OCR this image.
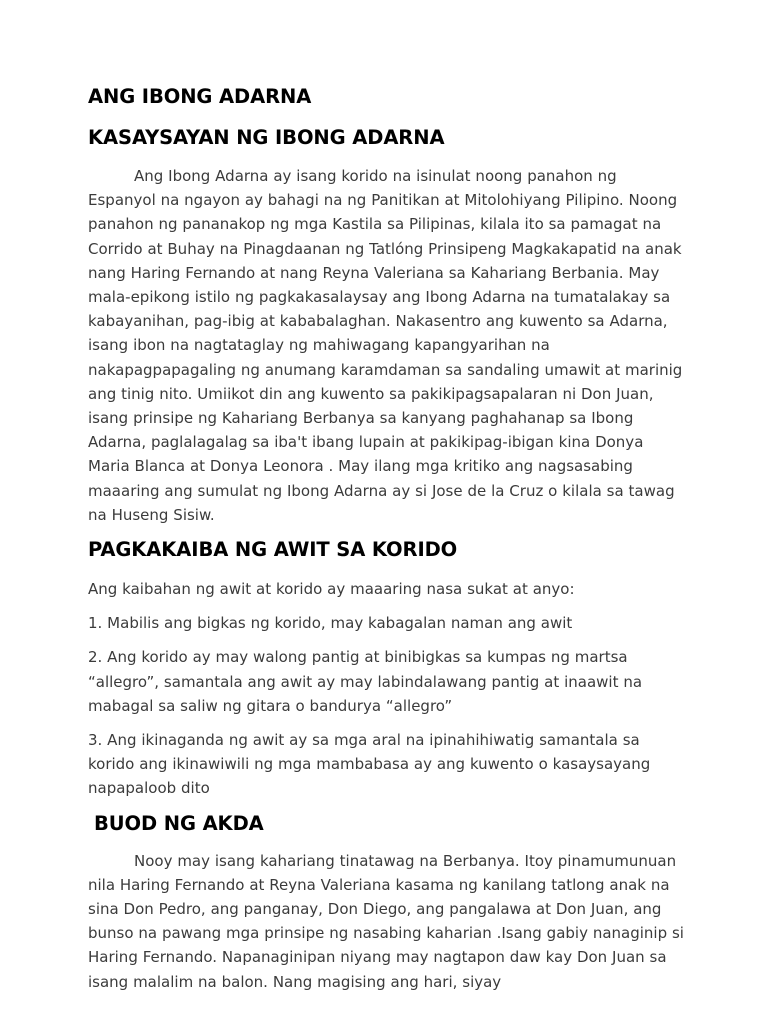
ANG IBONG ADARNA
KASAYSAYAN NG IBONG ADARNA

Ang Ibong Adarna ay isang korido na isinulat noong panahon ng Espanyol na ngayon ay bahagi na ng Panitikan at Mitolohiyang Pilipino. Noong panahon ng pananakop ng mga Kastila sa Pilipinas, kilala ito sa pamagat na Corrido at Buhay na Pinagdaanan ng Tatlóng Prinsipeng Magkakapatid na anak nang Haring Fernando at nang Reyna Valeriana sa Kahariang Berbania. May mala-epikong istilo ng pagkakasalaysay ang Ibong Adarna na tumatalakay sa kabayanihan, pag-ibig at kababalaghan. Nakasentro ang kuwento sa Adarna, isang ibon na nagtataglay ng mahiwagang kapangyarihan na nakapagpapagaling ng anumang karamdaman sa sandaling umawit at marinig ang tinig nito. Umiikot din ang kuwento sa pakikipagsapalaran ni Don Juan, isang prinsipe ng Kahariang Berbanya sa kanyang paghahanap sa Ibong Adarna, paglalagalag sa iba't ibang lupain at pakikipag-ibigan kina Donya Maria Blanca at Donya Leonora . May ilang mga kritiko ang nagsasabing maaaring ang sumulat ng Ibong Adarna ay si Jose de la Cruz o kilala sa tawag na Huseng Sisiw.

PAGKAKAIBA NG AWIT SA KORIDO

Ang kaibahan ng awit at korido ay maaaring nasa sukat at anyo:

1. Mabilis ang bigkas ng korido, may kabagalan naman ang awit

2. Ang korido ay may walong pantig at binibigkas sa kumpas ng martsa “allegro”, samantala ang awit ay may labindalawang pantig at inaawit na mabagal sa saliw ng gitara o bandurya “allegro”

3. Ang ikinaganda ng awit ay sa mga aral na ipinahihiwatig samantala sa korido ang ikinawiwili ng mga mambabasa ay ang kuwento o kasaysayang napapaloob dito

BUOD NG AKDA

Nooy may isang kahariang tinatawag na Berbanya. Itoy pinamumunuan nila Haring Fernando at Reyna Valeriana kasama ng kanilang tatlong anak na sina Don Pedro, ang panganay, Don Diego, ang pangalawa at Don Juan, ang bunso na pawang mga prinsipe ng nasabing kaharian .Isang gabiy nanaginip si Haring Fernando. Napanaginipan niyang may nagtapon daw kay Don Juan sa isang malalim na balon. Nang magising ang hari, siyay
